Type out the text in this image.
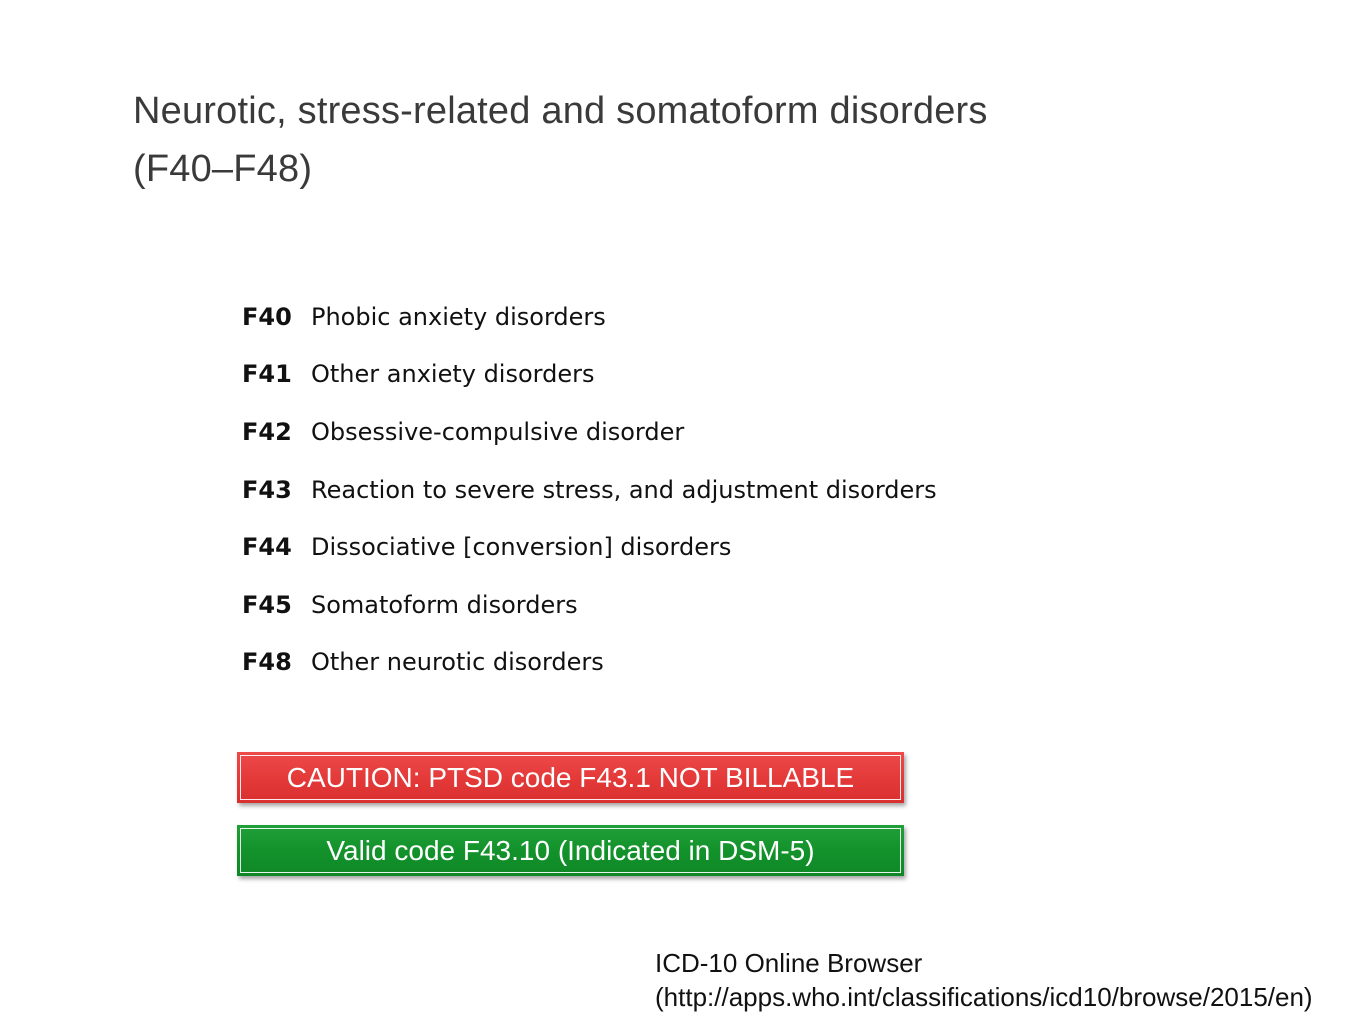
Neurotic, stress-related and somatoform disorders
(F40–F48)
F40 Phobic anxiety disorders
F41 Other anxiety disorders
F42 Obsessive-compulsive disorder
F43 Reaction to severe stress, and adjustment disorders
F44 Dissociative [conversion] disorders
F45 Somatoform disorders
F48 Other neurotic disorders
CAUTION: PTSD code F43.1 NOT BILLABLE
Valid code F43.10 (Indicated in DSM-5)
ICD-10 Online Browser
(http://apps.who.int/classifications/icd10/browse/2015/en)
